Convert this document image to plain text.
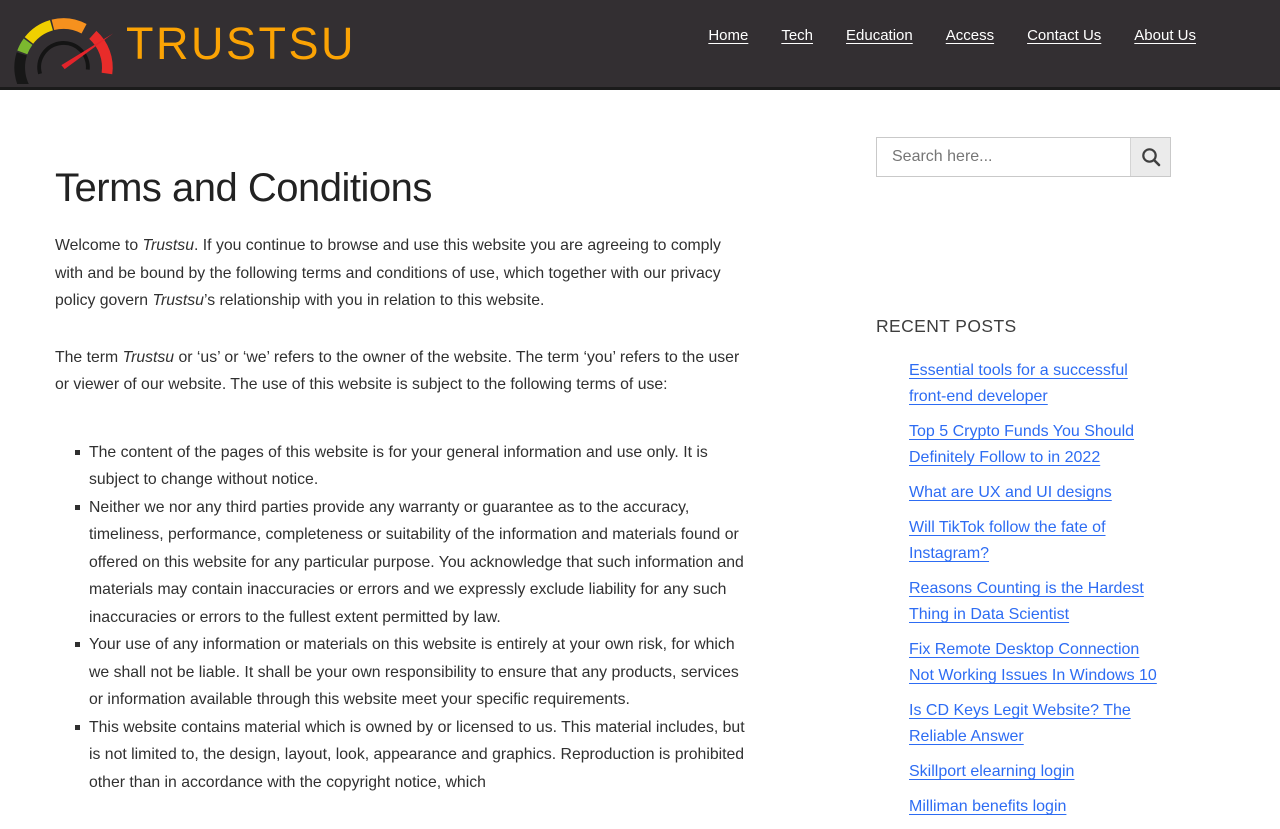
TRUSTSU	Home Tech Education Access Contact Us About Us
Terms and Conditions

Welcome to Trustsu. If you continue to browse and use this website you are agreeing to comply with and be bound by the following terms and conditions of use, which together with our privacy policy govern Trustsu’s relationship with you in relation to this website.

The term Trustsu or ‘us’ or ‘we’ refers to the owner of the website. The term ‘you’ refers to the user or viewer of our website. The use of this website is subject to the following terms of use:

The content of the pages of this website is for your general information and use only. It is subject to change without notice.
Neither we nor any third parties provide any warranty or guarantee as to the accuracy, timeliness, performance, completeness or suitability of the information and materials found or offered on this website for any particular purpose. You acknowledge that such information and materials may contain inaccuracies or errors and we expressly exclude liability for any such inaccuracies or errors to the fullest extent permitted by law.
Your use of any information or materials on this website is entirely at your own risk, for which we shall not be liable. It shall be your own responsibility to ensure that any products, services or information available through this website meet your specific requirements.
This website contains material which is owned by or licensed to us. This material includes, but is not limited to, the design, layout, look, appearance and graphics. Reproduction is prohibited other than in accordance with the copyright notice, which
Search here...
RECENT POSTS
Essential tools for a successful front-end developer
Top 5 Crypto Funds You Should Definitely Follow to in 2022
What are UX and UI designs
Will TikTok follow the fate of Instagram?
Reasons Counting is the Hardest Thing in Data Scientist
Fix Remote Desktop Connection Not Working Issues In Windows 10
Is CD Keys Legit Website? The Reliable Answer
Skillport elearning login
Milliman benefits login
